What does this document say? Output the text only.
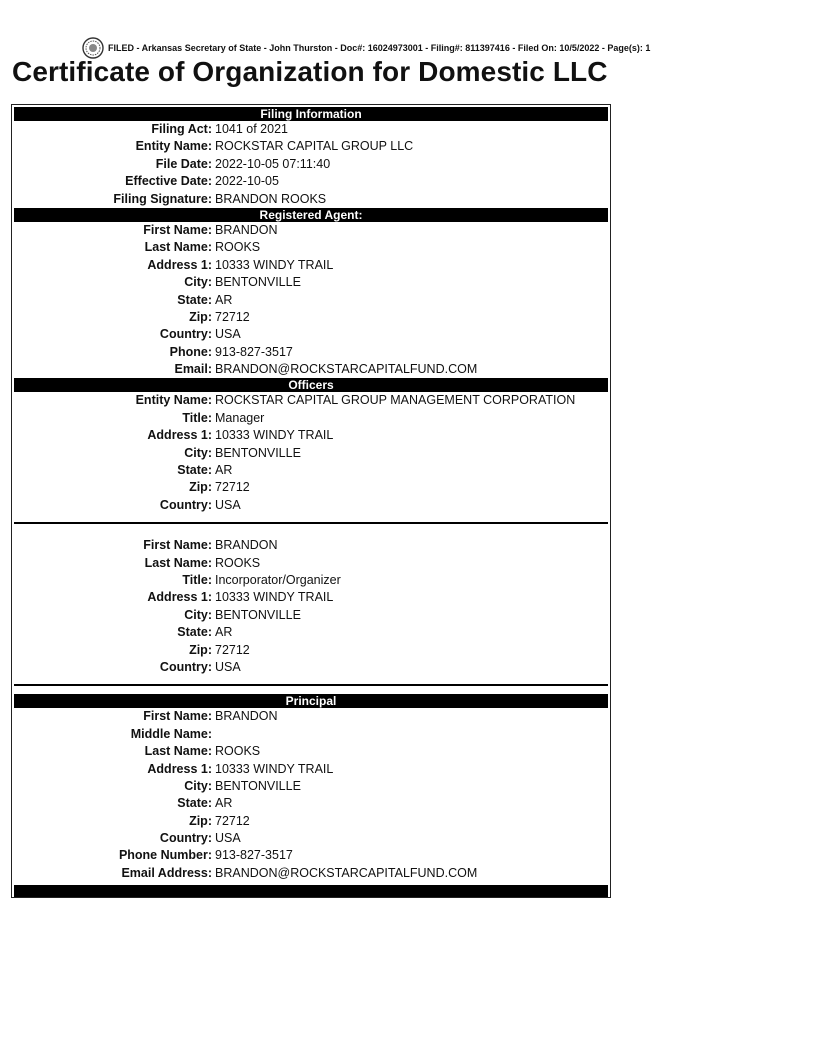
FILED - Arkansas Secretary of State - John Thurston - Doc#: 16024973001 - Filing#: 811397416 - Filed On: 10/5/2022 - Page(s): 1
Certificate of Organization for Domestic LLC
Filing Information
Filing Act: 1041 of 2021
Entity Name: ROCKSTAR CAPITAL GROUP LLC
File Date: 2022-10-05 07:11:40
Effective Date: 2022-10-05
Filing Signature: BRANDON ROOKS
Registered Agent:
First Name: BRANDON
Last Name: ROOKS
Address 1: 10333 WINDY TRAIL
City: BENTONVILLE
State: AR
Zip: 72712
Country: USA
Phone: 913-827-3517
Email: BRANDON@ROCKSTARCAPITALFUND.COM
Officers
Entity Name: ROCKSTAR CAPITAL GROUP MANAGEMENT CORPORATION
Title: Manager
Address 1: 10333 WINDY TRAIL
City: BENTONVILLE
State: AR
Zip: 72712
Country: USA
First Name: BRANDON
Last Name: ROOKS
Title: Incorporator/Organizer
Address 1: 10333 WINDY TRAIL
City: BENTONVILLE
State: AR
Zip: 72712
Country: USA
Principal
First Name: BRANDON
Middle Name:
Last Name: ROOKS
Address 1: 10333 WINDY TRAIL
City: BENTONVILLE
State: AR
Zip: 72712
Country: USA
Phone Number: 913-827-3517
Email Address: BRANDON@ROCKSTARCAPITALFUND.COM
